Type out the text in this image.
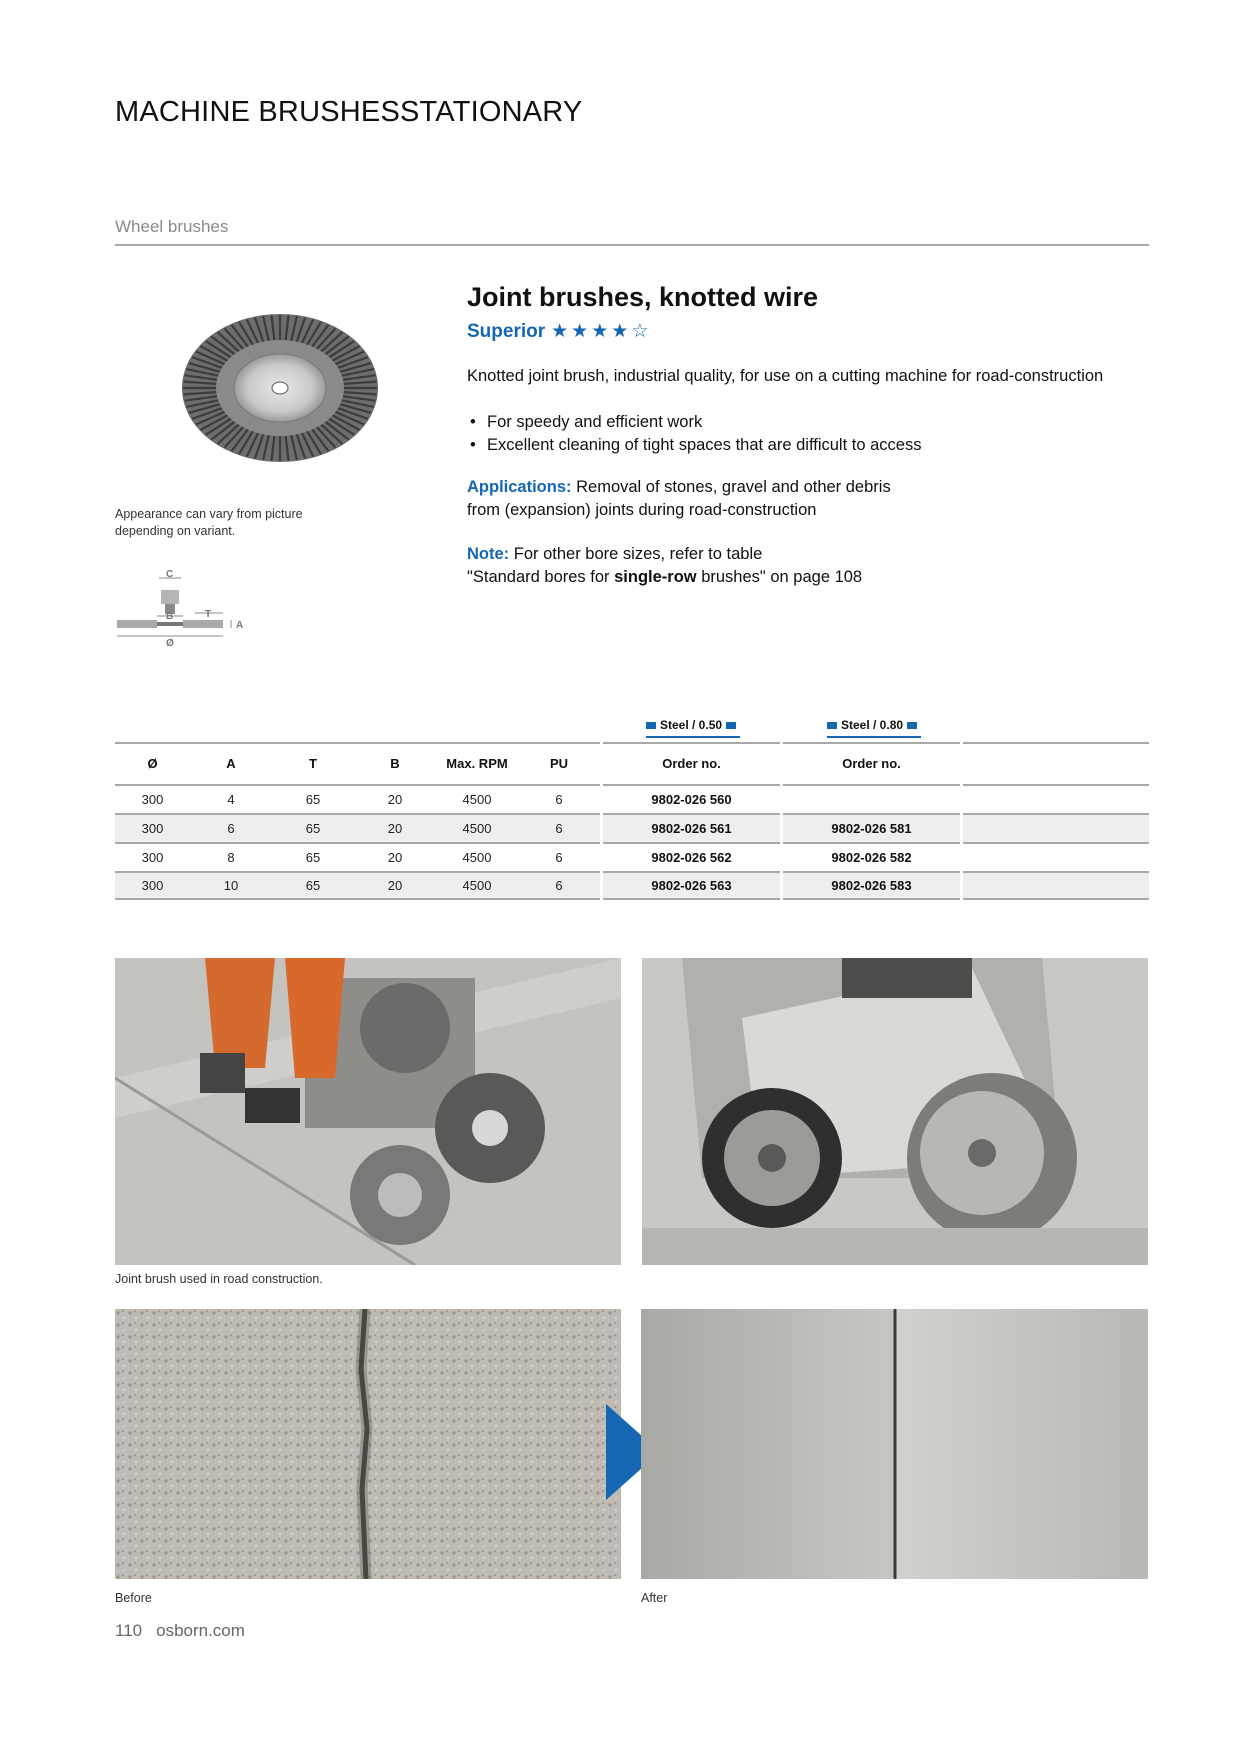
MACHINE BRUSHESSTATIONARY
Wheel brushes
Appearance can vary from picture
depending on variant.
C
B	T
A
Ø
Joint brushes, knotted wire
Superior ★ ★ ★ ★ ☆
Knotted joint brush, industrial quality, for use on a cutting machine for road-construction
• For speedy and efficient work
• Excellent cleaning of tight spaces that are difficult to access
Applications: Removal of stones, gravel and other debris
from (expansion) joints during road-construction
Note: For other bore sizes, refer to table
"Standard bores for single-row brushes" on page 108
Steel / 0.50	Steel / 0.80
Ø	A	T	B	Max. RPM	PU	Order no.	Order no.
300	4	65	20	4500	6	9802-026 560
300	6	65	20	4500	6	9802-026 561	9802-026 581
300	8	65	20	4500	6	9802-026 562	9802-026 582
300	10	65	20	4500	6	9802-026 563	9802-026 583
Joint brush used in road construction.
Before	After
110 osborn.com
